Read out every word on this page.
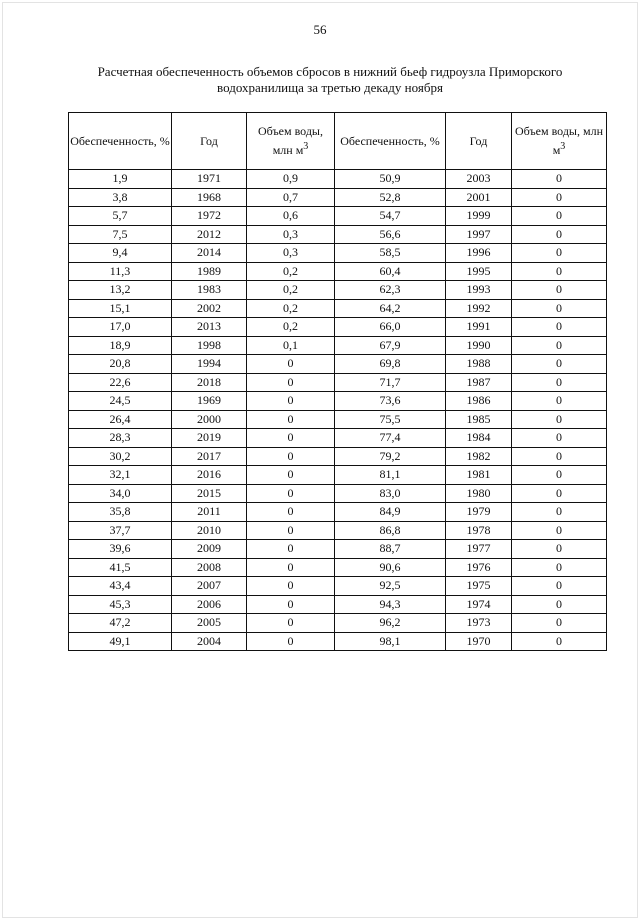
56
Расчетная обеспеченность объемов сбросов в нижний бьеф гидроузла Приморского
водохранилища за третью декаду ноября
Обеспеченность, %	Год	Объем воды, млн $м^3$	Обеспеченность, %	Год	Объем воды, млн $м^3$
1,9	1971	0,9	50,9	2003	0
3,8	1968	0,7	52,8	2001	0
5,7	1972	0,6	54,7	1999	0
7,5	2012	0,3	56,6	1997	0
9,4	2014	0,3	58,5	1996	0
11,3	1989	0,2	60,4	1995	0
13,2	1983	0,2	62,3	1993	0
15,1	2002	0,2	64,2	1992	0
17,0	2013	0,2	66,0	1991	0
18,9	1998	0,1	67,9	1990	0
20,8	1994	0	69,8	1988	0
22,6	2018	0	71,7	1987	0
24,5	1969	0	73,6	1986	0
26,4	2000	0	75,5	1985	0
28,3	2019	0	77,4	1984	0
30,2	2017	0	79,2	1982	0
32,1	2016	0	81,1	1981	0
34,0	2015	0	83,0	1980	0
35,8	2011	0	84,9	1979	0
37,7	2010	0	86,8	1978	0
39,6	2009	0	88,7	1977	0
41,5	2008	0	90,6	1976	0
43,4	2007	0	92,5	1975	0
45,3	2006	0	94,3	1974	0
47,2	2005	0	96,2	1973	0
49,1	2004	0	98,1	1970	0
